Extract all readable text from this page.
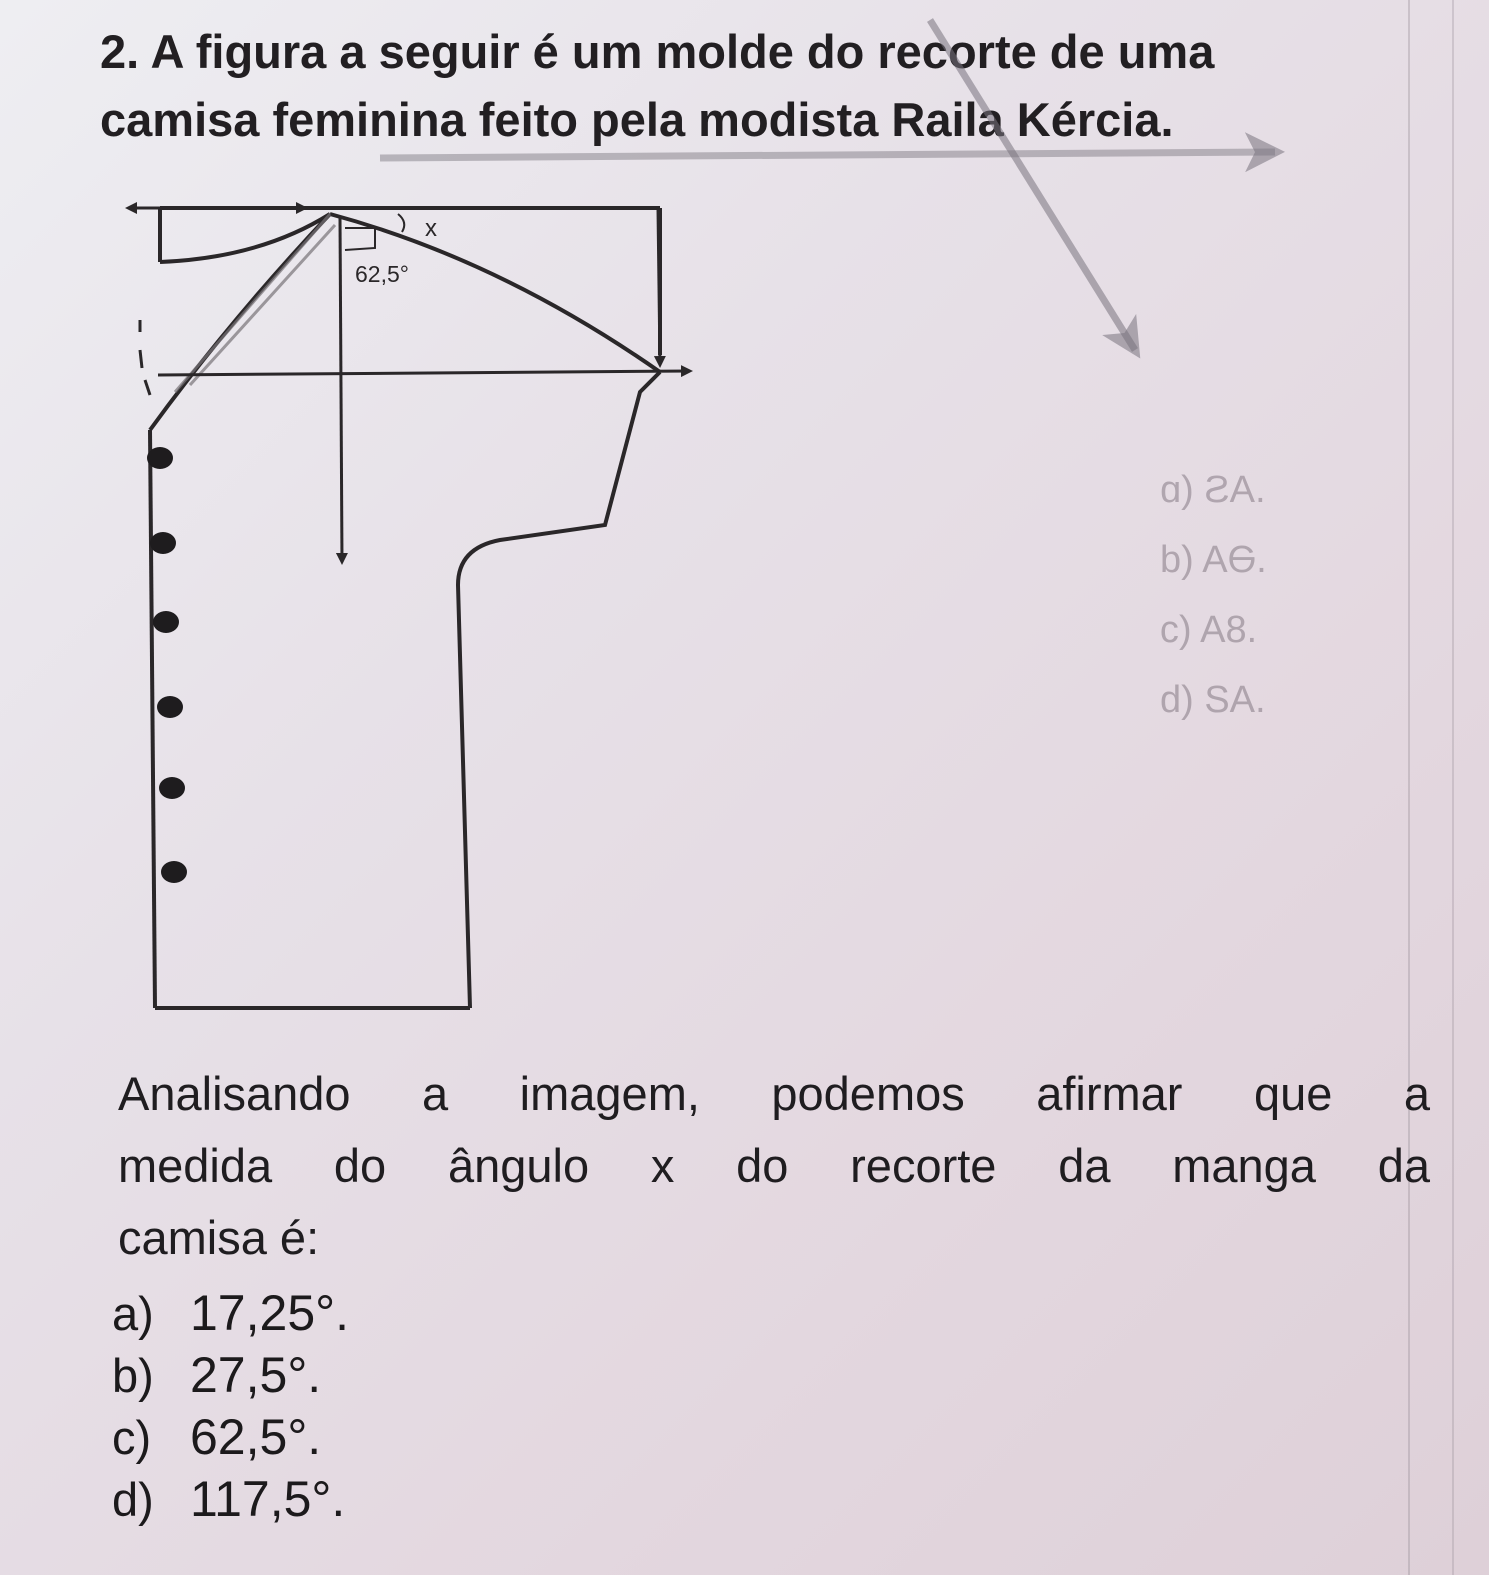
2. A figura a seguir é um molde do recorte de uma
camisa feminina feito pela modista Raila Kércia.
x
62,5°
.AS (ɒ
.ƏA (d
.8A (ɔ
.AƧ (b

Analisando a imagem, podemos afirmar que a
medida do ângulo x do recorte da manga da
camisa é:

a) 17,25°.
b) 27,5°.
c) 62,5°.
d) 117,5°.
